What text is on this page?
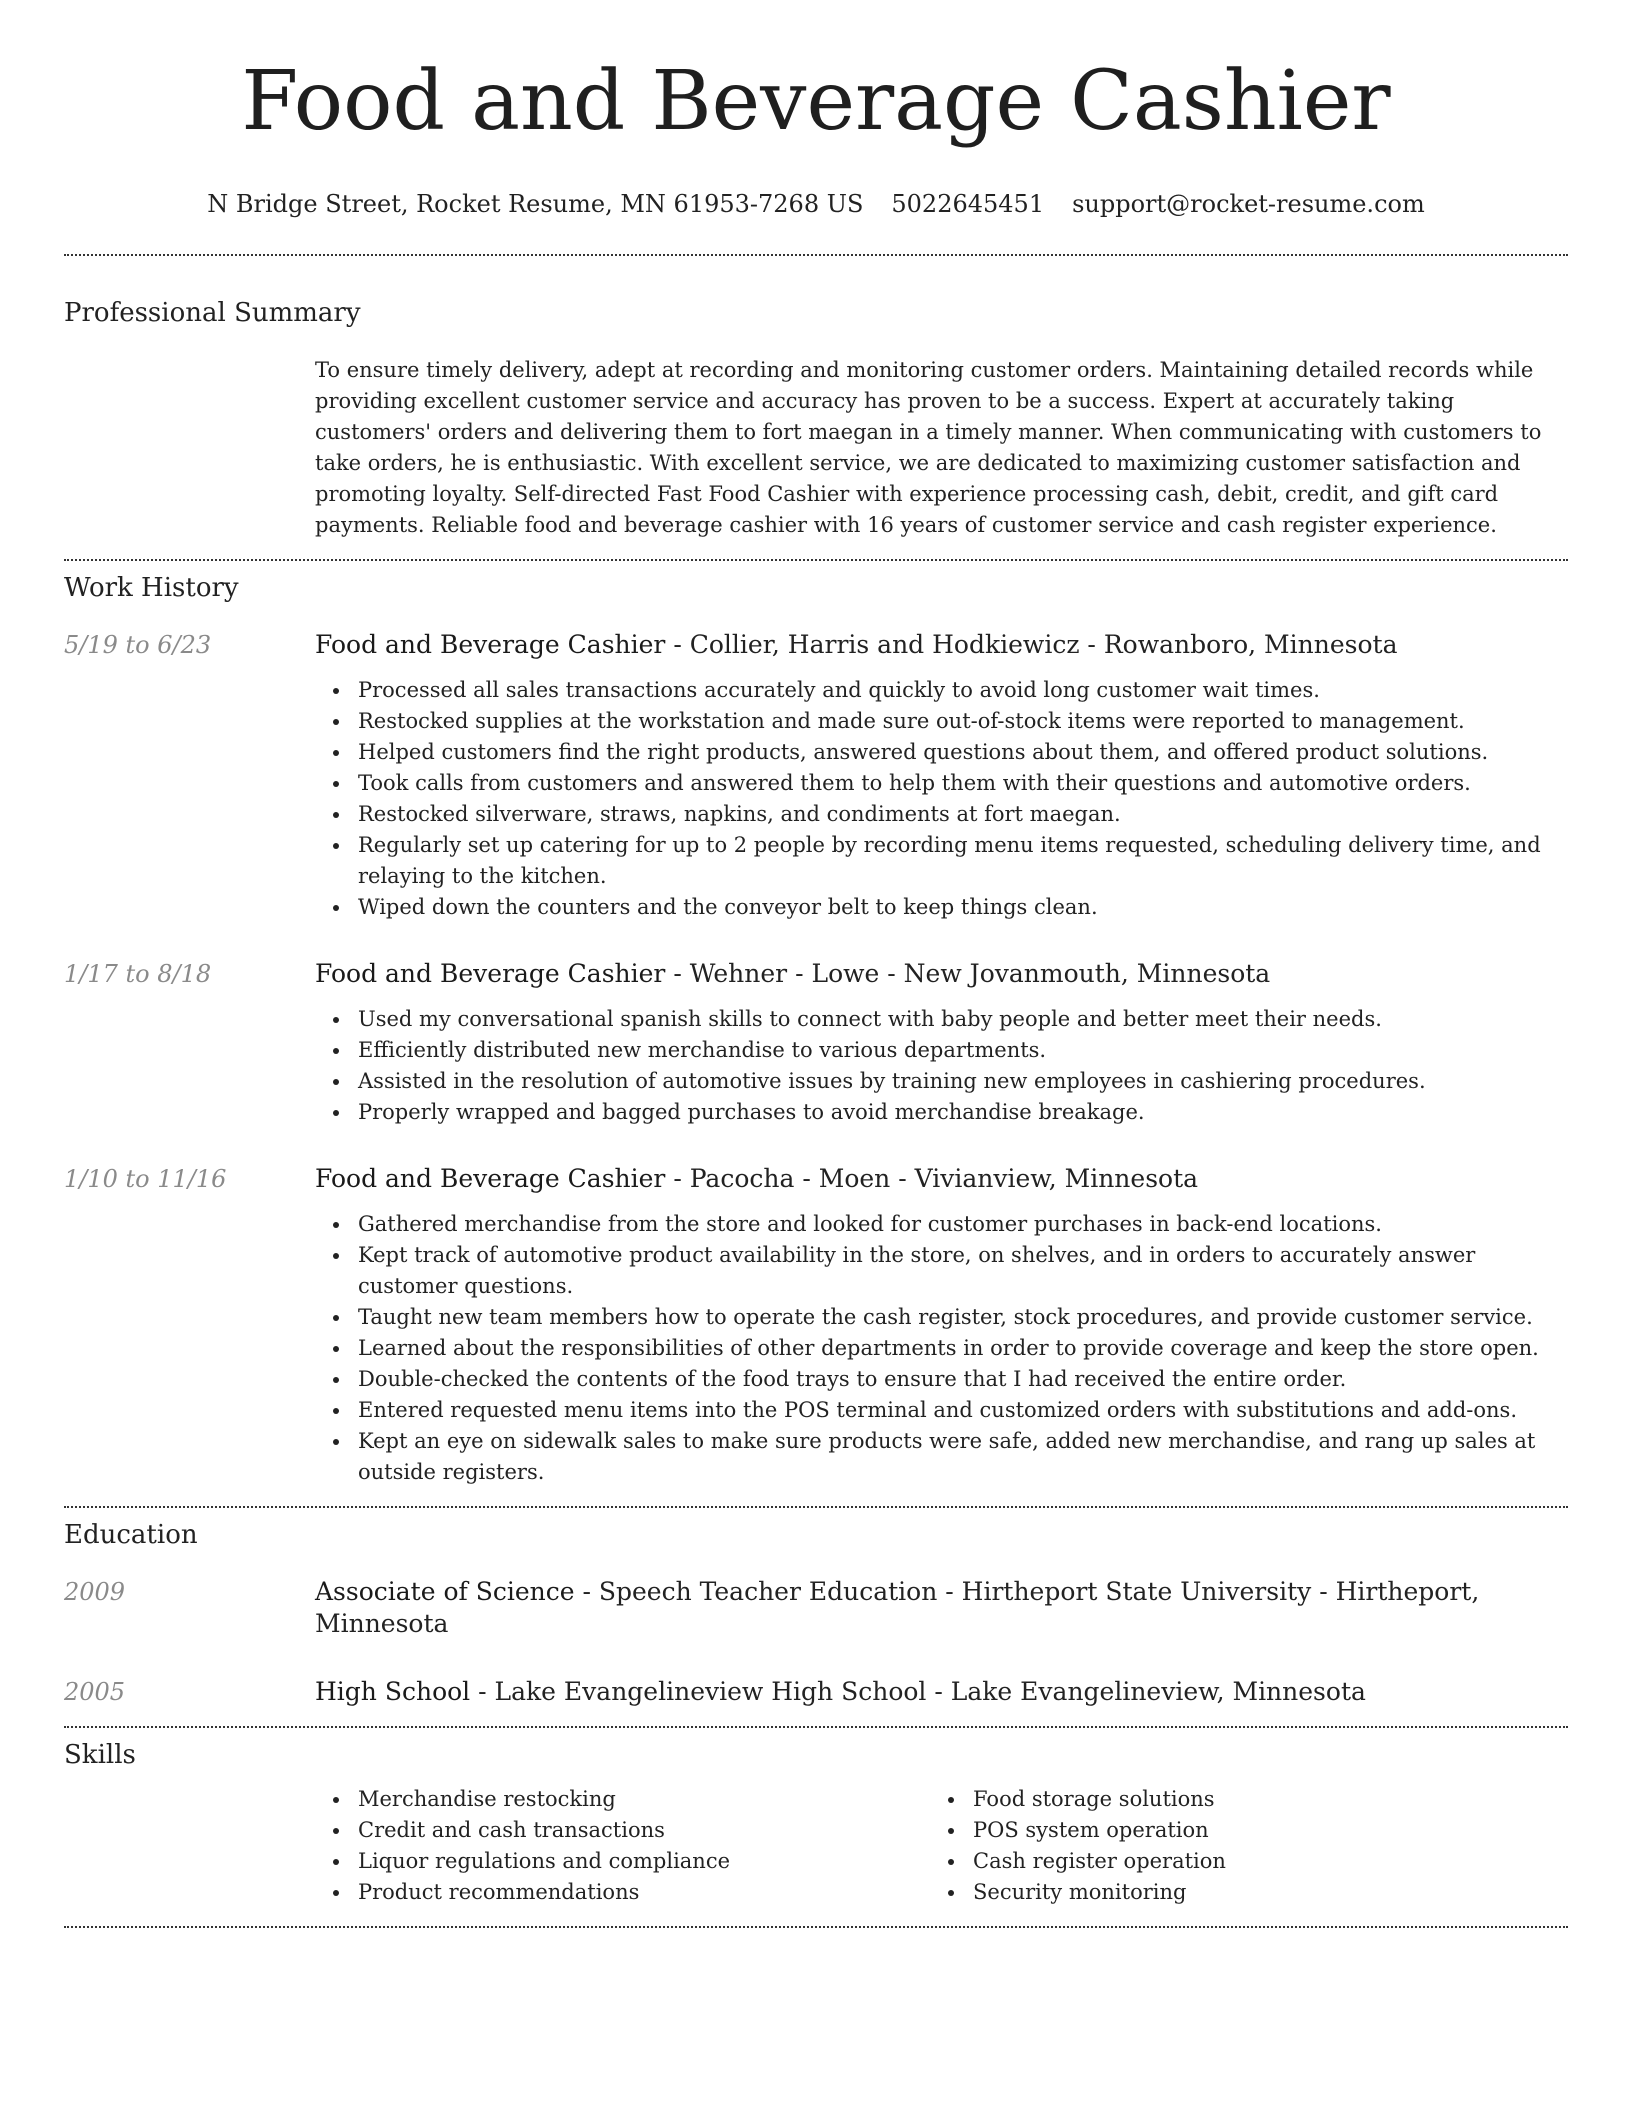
Food and Beverage Cashier
N Bridge Street, Rocket Resume, MN 61953-7268 US 5022645451 support@rocket-resume.com
Professional Summary
To ensure timely delivery, adept at recording and monitoring customer orders. Maintaining detailed records while providing excellent customer service and accuracy has proven to be a success. Expert at accurately taking customers' orders and delivering them to fort maegan in a timely manner. When communicating with customers to take orders, he is enthusiastic. With excellent service, we are dedicated to maximizing customer satisfaction and promoting loyalty. Self-directed Fast Food Cashier with experience processing cash, debit, credit, and gift card payments. Reliable food and beverage cashier with 16 years of customer service and cash register experience.
Work History
5/19 to 6/23	Food and Beverage Cashier - Collier, Harris and Hodkiewicz - Rowanboro, Minnesota
Processed all sales transactions accurately and quickly to avoid long customer wait times.
Restocked supplies at the workstation and made sure out-of-stock items were reported to management.
Helped customers find the right products, answered questions about them, and offered product solutions.
Took calls from customers and answered them to help them with their questions and automotive orders.
Restocked silverware, straws, napkins, and condiments at fort maegan.
Regularly set up catering for up to 2 people by recording menu items requested, scheduling delivery time, and relaying to the kitchen.
Wiped down the counters and the conveyor belt to keep things clean.
1/17 to 8/18	Food and Beverage Cashier - Wehner - Lowe - New Jovanmouth, Minnesota
Used my conversational spanish skills to connect with baby people and better meet their needs.
Efficiently distributed new merchandise to various departments.
Assisted in the resolution of automotive issues by training new employees in cashiering procedures.
Properly wrapped and bagged purchases to avoid merchandise breakage.
1/10 to 11/16	Food and Beverage Cashier - Pacocha - Moen - Vivianview, Minnesota
Gathered merchandise from the store and looked for customer purchases in back-end locations.
Kept track of automotive product availability in the store, on shelves, and in orders to accurately answer customer questions.
Taught new team members how to operate the cash register, stock procedures, and provide customer service.
Learned about the responsibilities of other departments in order to provide coverage and keep the store open.
Double-checked the contents of the food trays to ensure that I had received the entire order.
Entered requested menu items into the POS terminal and customized orders with substitutions and add-ons.
Kept an eye on sidewalk sales to make sure products were safe, added new merchandise, and rang up sales at outside registers.
Education
2009	Associate of Science - Speech Teacher Education - Hirtheport State University - Hirtheport, Minnesota
2005	High School - Lake Evangelineview High School - Lake Evangelineview, Minnesota
Skills
Merchandise restocking
Credit and cash transactions
Liquor regulations and compliance
Product recommendations
Food storage solutions
POS system operation
Cash register operation
Security monitoring
